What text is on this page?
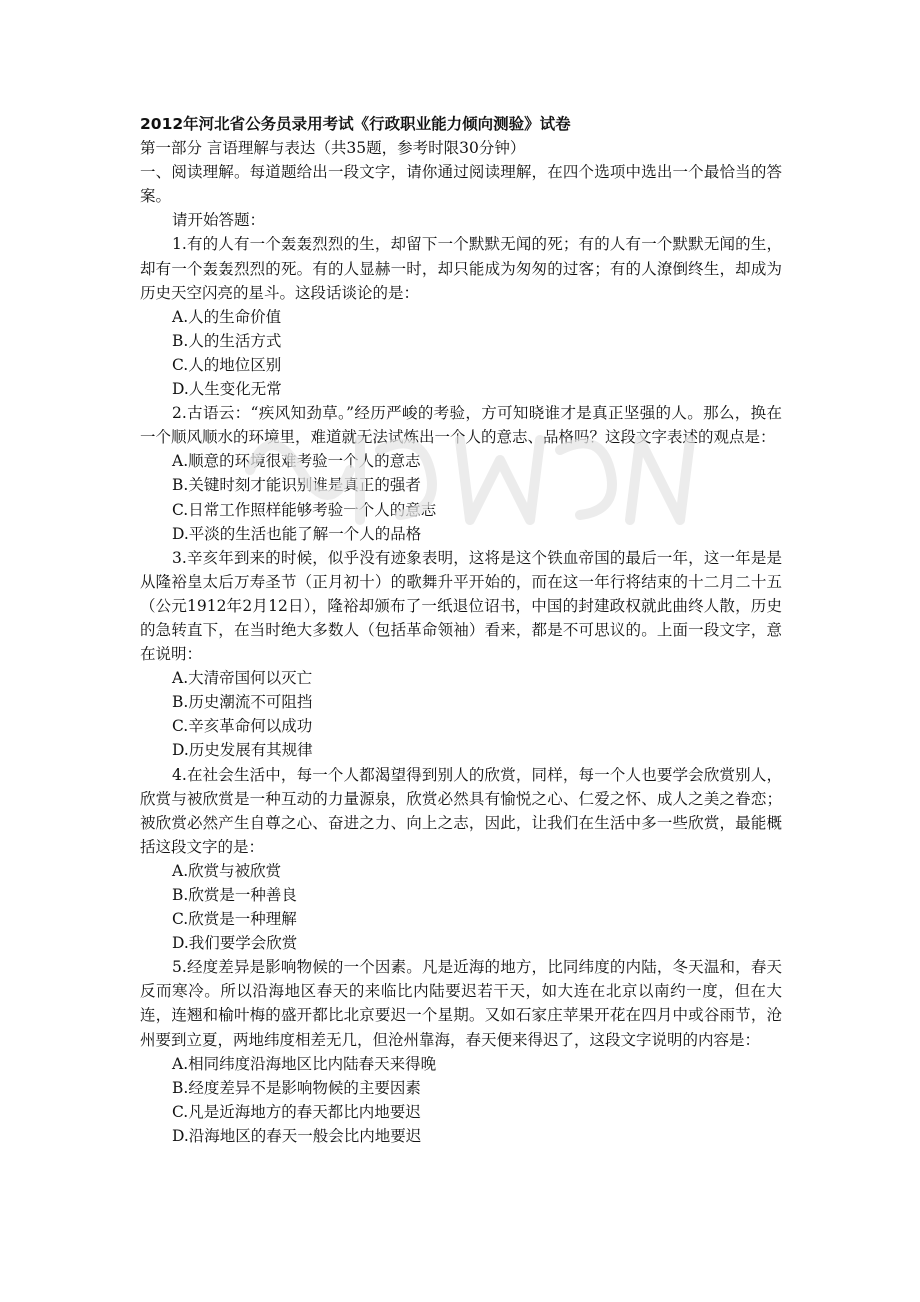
2012年河北省公务员录用考试《行政职业能力倾向测验》试卷

第一部分 言语理解与表达（共35题，参考时限30分钟）

一、阅读理解。每道题给出一段文字，请你通过阅读理解，在四个选项中选出一个最恰当的答案。

请开始答题：

1.有的人有一个轰轰烈烈的生，却留下一个默默无闻的死；有的人有一个默默无闻的生，却有一个轰轰烈烈的死。有的人显赫一时，却只能成为匆匆的过客；有的人潦倒终生，却成为历史天空闪亮的星斗。这段话谈论的是：

A.人的生命价值

B.人的生活方式

C.人的地位区别

D.人生变化无常

2.古语云：“疾风知劲草。”经历严峻的考验，方可知晓谁才是真正坚强的人。那么，换在一个顺风顺水的环境里，难道就无法试炼出一个人的意志、品格吗？这段文字表述的观点是：

A.顺意的环境很难考验一个人的意志

B.关键时刻才能识别谁是真正的强者

C.日常工作照样能够考验一个人的意志

D.平淡的生活也能了解一个人的品格

3.辛亥年到来的时候，似乎没有迹象表明，这将是这个铁血帝国的最后一年，这一年是是从隆裕皇太后万寿圣节（正月初十）的歌舞升平开始的，而在这一年行将结束的十二月二十五（公元1912年2月12日），隆裕却颁布了一纸退位诏书，中国的封建政权就此曲终人散，历史的急转直下，在当时绝大多数人（包括革命领袖）看来，都是不可思议的。上面一段文字，意在说明：

A.大清帝国何以灭亡

B.历史潮流不可阻挡

C.辛亥革命何以成功

D.历史发展有其规律

4.在社会生活中，每一个人都渴望得到别人的欣赏，同样，每一个人也要学会欣赏别人，欣赏与被欣赏是一种互动的力量源泉，欣赏必然具有愉悦之心、仁爱之怀、成人之美之眷恋；被欣赏必然产生自尊之心、奋进之力、向上之志，因此，让我们在生活中多一些欣赏，最能概括这段文字的是：

A.欣赏与被欣赏

B.欣赏是一种善良

C.欣赏是一种理解

D.我们要学会欣赏

5.经度差异是影响物候的一个因素。凡是近海的地方，比同纬度的内陆，冬天温和，春天反而寒冷。所以沿海地区春天的来临比内陆要迟若干天，如大连在北京以南约一度，但在大连，连翘和榆叶梅的盛开都比北京要迟一个星期。又如石家庄苹果开花在四月中或谷雨节，沧州要到立夏，两地纬度相差无几，但沧州靠海，春天便来得迟了，这段文字说明的内容是：

A.相同纬度沿海地区比内陆春天来得晚

B.经度差异不是影响物候的主要因素

C.凡是近海地方的春天都比内地要迟

D.沿海地区的春天一般会比内地要迟
